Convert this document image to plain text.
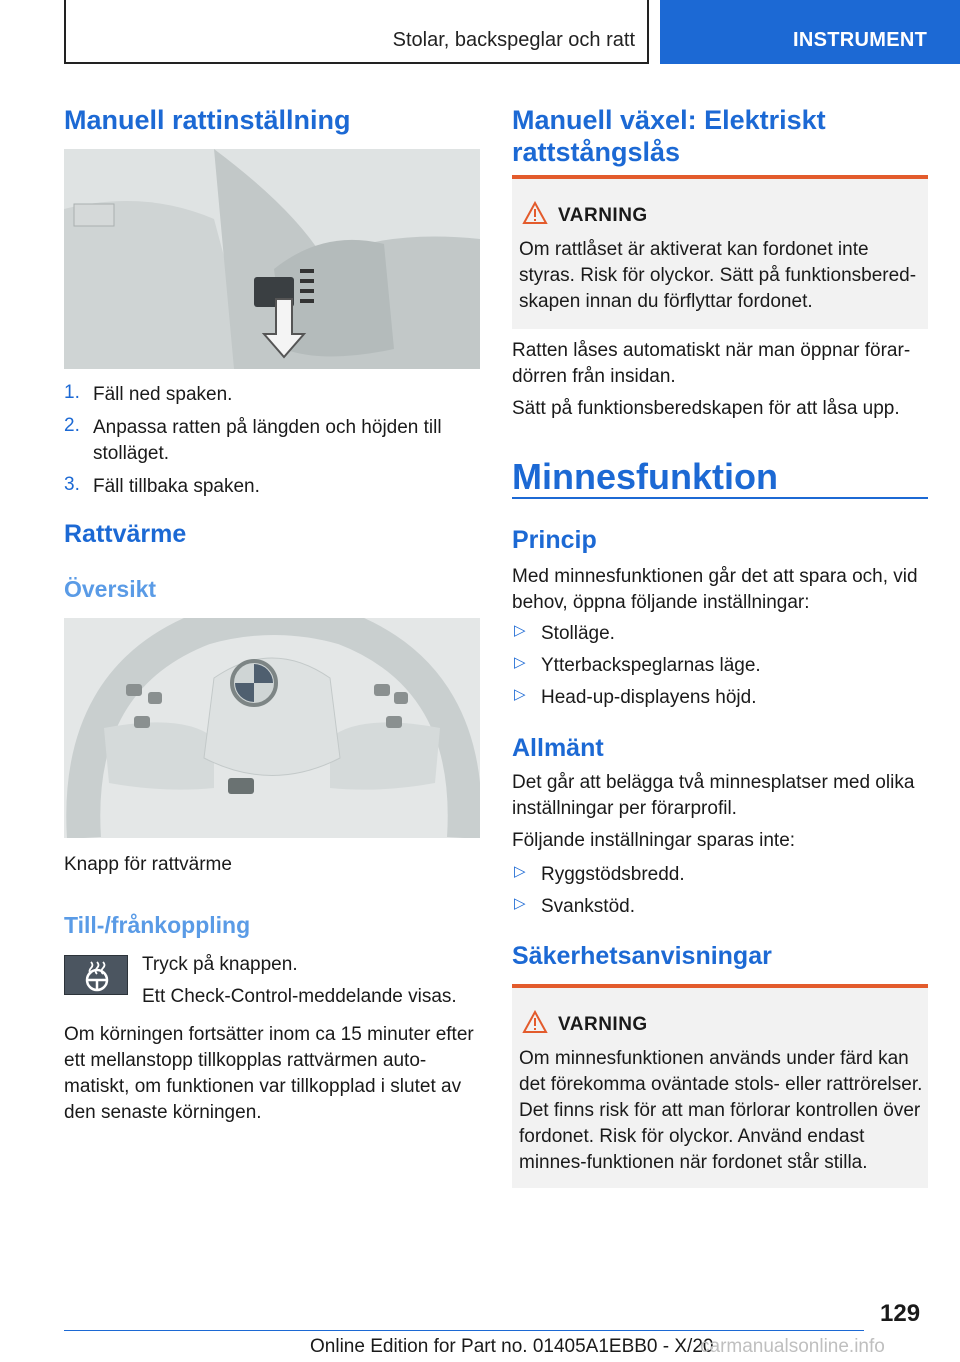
Stolar, backspeglar och ratt	INSTRUMENT
Manuell rattinställning
1. Fäll ned spaken.
2. Anpassa ratten på längden och höjden till stolläget.
3. Fäll tillbaka spaken.
Rattvärme
Översikt
Knapp för rattvärme
Till-/frånkoppling
Tryck på knappen.
Ett Check-Control-meddelande visas.
Om körningen fortsätter inom ca 15 minuter efter ett mellanstopp tillkopplas rattvärmen automatiskt, om funktionen var tillkopplad i slutet av den senaste körningen.
Manuell växel: Elektriskt rattstångslås
VARNING
Om rattlåset är aktiverat kan fordonet inte styras. Risk för olyckor. Sätt på funktionsberedskapen innan du förflyttar fordonet.
Ratten låses automatiskt när man öppnar förardörren från insidan.
Sätt på funktionsberedskapen för att låsa upp.
Minnesfunktion
Princip
Med minnesfunktionen går det att spara och, vid behov, öppna följande inställningar:
▷ Stolläge.
▷ Ytterbackspeglarnas läge.
▷ Head-up-displayens höjd.
Allmänt
Det går att belägga två minnesplatser med olika inställningar per förarprofil.
Följande inställningar sparas inte:
▷ Ryggstödsbredd.
▷ Svankstöd.
Säkerhetsanvisningar
VARNING
Om minnesfunktionen används under färd kan det förekomma oväntade stols- eller rattrörelser. Det finns risk för att man förlorar kontrollen över fordonet. Risk för olyckor. Använd endast minnes-funktionen när fordonet står stilla.
129
Online Edition for Part no. 01405A1EBB0 - X/20
carmanualsonline.info
